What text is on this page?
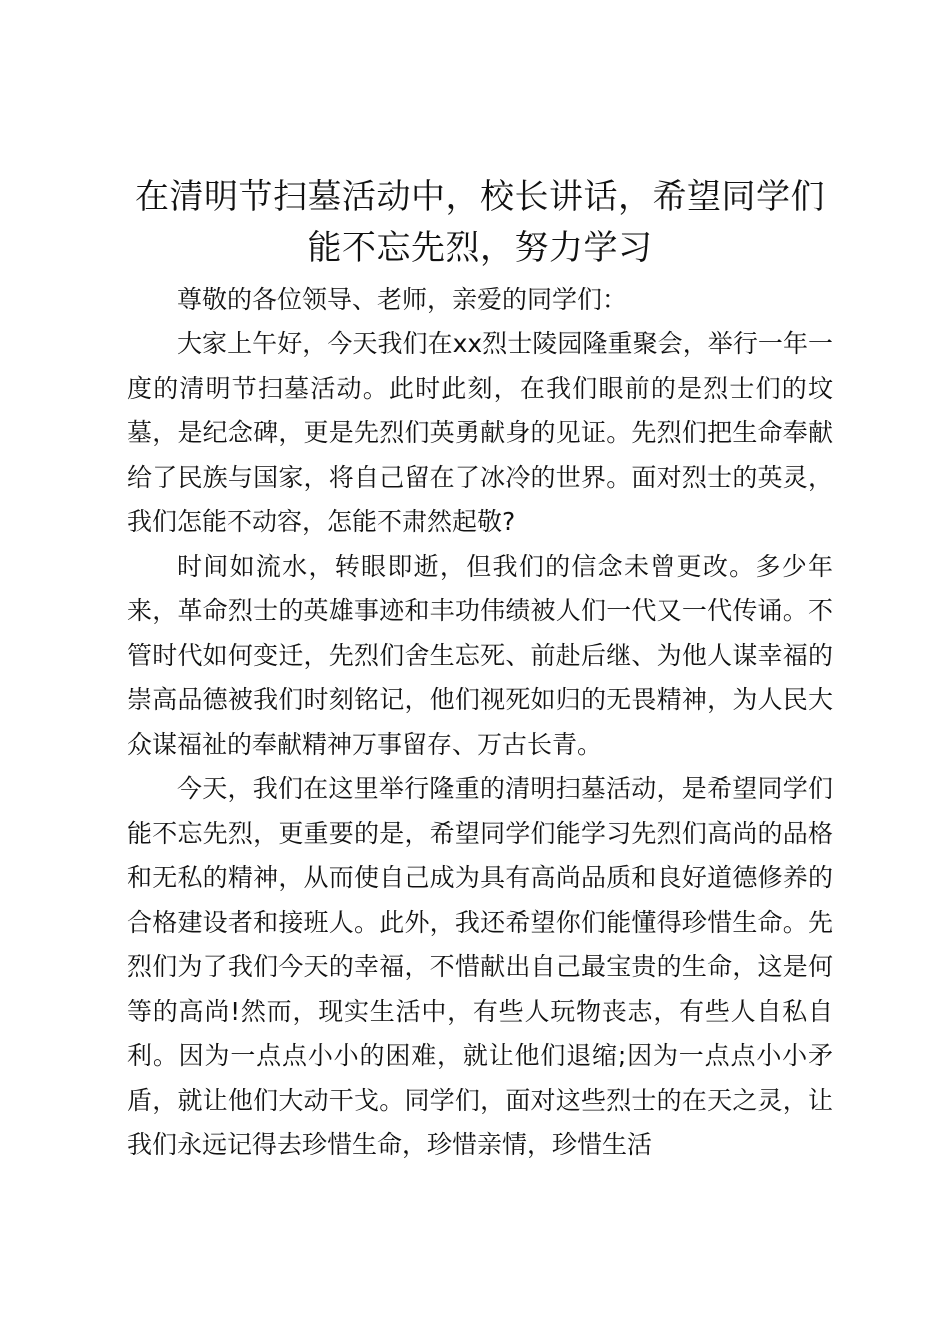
在清明节扫墓活动中，校长讲话，希望同学们能不忘先烈，努力学习

尊敬的各位领导、老师，亲爱的同学们：

大家上午好，今天我们在xx烈士陵园隆重聚会，举行一年一度的清明节扫墓活动。此时此刻，在我们眼前的是烈士们的坟墓，是纪念碑，更是先烈们英勇献身的见证。先烈们把生命奉献给了民族与国家，将自己留在了冰冷的世界。面对烈士的英灵，我们怎能不动容，怎能不肃然起敬?

时间如流水，转眼即逝，但我们的信念未曾更改。多少年来，革命烈士的英雄事迹和丰功伟绩被人们一代又一代传诵。不管时代如何变迁，先烈们舍生忘死、前赴后继、为他人谋幸福的崇高品德被我们时刻铭记，他们视死如归的无畏精神，为人民大众谋福祉的奉献精神万事留存、万古长青。

今天，我们在这里举行隆重的清明扫墓活动，是希望同学们能不忘先烈，更重要的是，希望同学们能学习先烈们高尚的品格和无私的精神，从而使自己成为具有高尚品质和良好道德修养的合格建设者和接班人。此外，我还希望你们能懂得珍惜生命。先烈们为了我们今天的幸福，不惜献出自己最宝贵的生命，这是何等的高尚!然而，现实生活中，有些人玩物丧志，有些人自私自利。因为一点点小小的困难，就让他们退缩;因为一点点小小矛盾，就让他们大动干戈。同学们，面对这些烈士的在天之灵，让我们永远记得去珍惜生命，珍惜亲情，珍惜生活
